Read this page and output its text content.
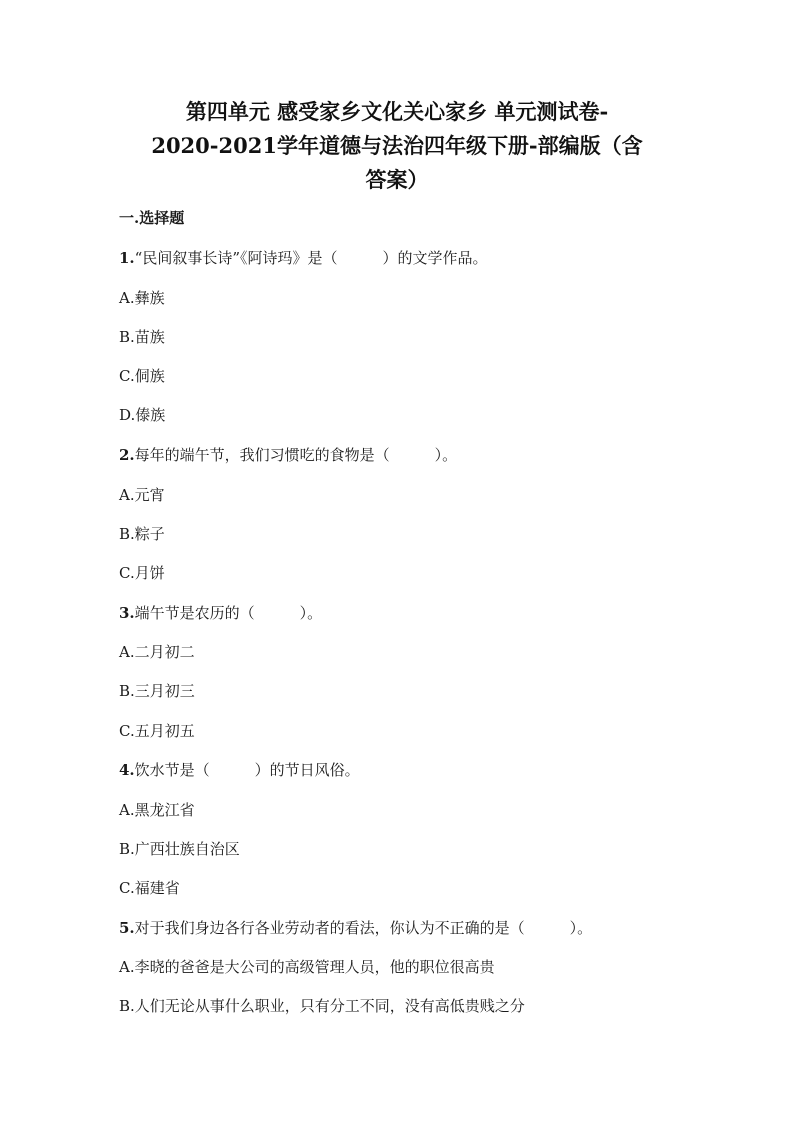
第四单元 感受家乡文化关心家乡 单元测试卷-
2020-2021学年道德与法治四年级下册-部编版（含
答案）

一.选择题

1.“民间叙事长诗”《阿诗玛》是（　　　）的文学作品。

A.彝族

B.苗族

C.侗族

D.傣族

2.每年的端午节，我们习惯吃的食物是（　　　）。

A.元宵

B.粽子

C.月饼

3.端午节是农历的（　　　）。

A.二月初二

B.三月初三

C.五月初五

4.饮水节是（　　　）的节日风俗。

A.黑龙江省

B.广西壮族自治区

C.福建省

5.对于我们身边各行各业劳动者的看法，你认为不正确的是（　　　）。

A.李晓的爸爸是大公司的高级管理人员，他的职位很高贵

B.人们无论从事什么职业，只有分工不同，没有高低贵贱之分
